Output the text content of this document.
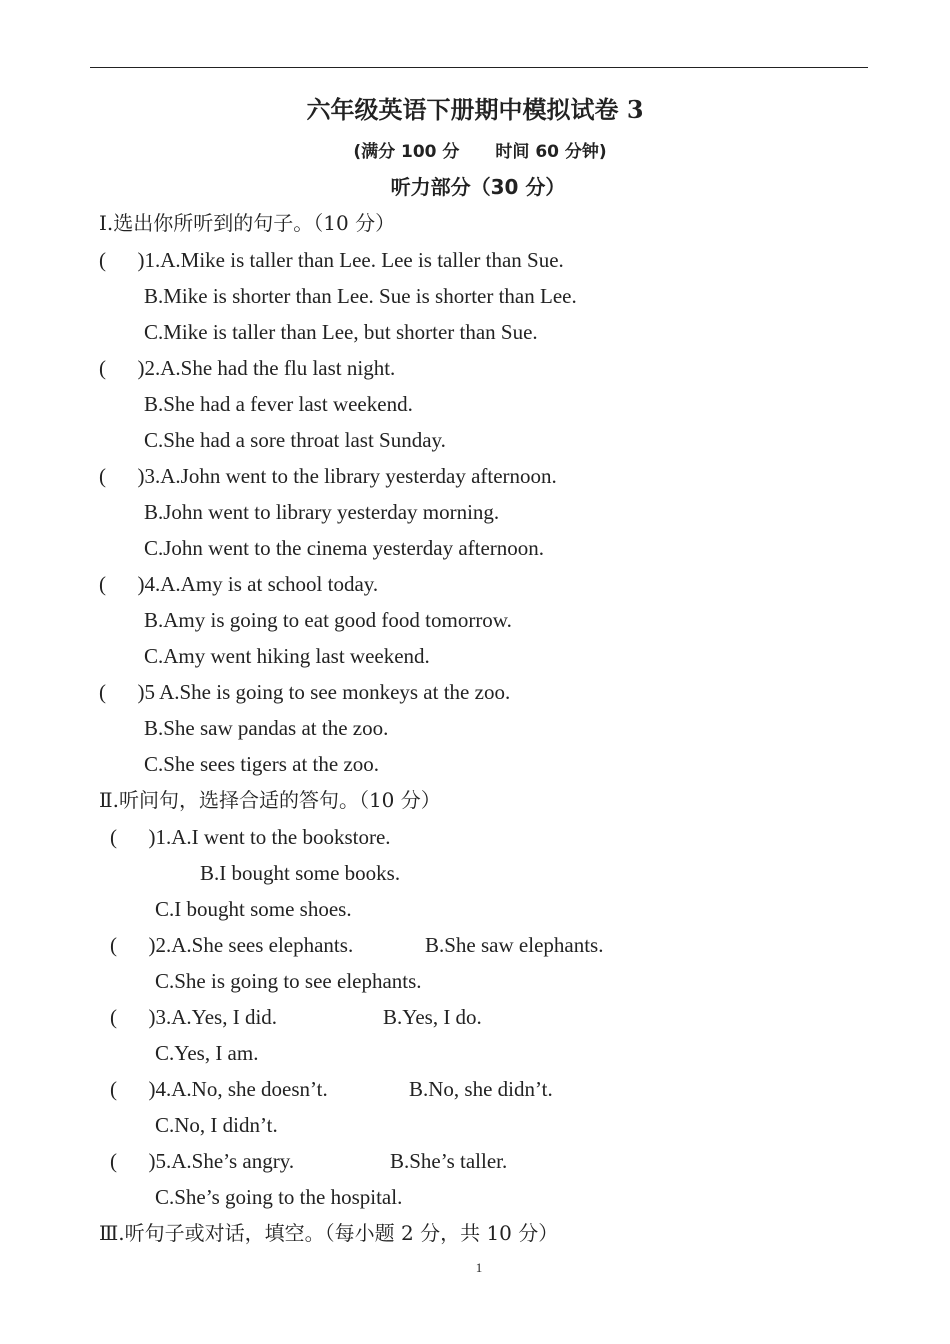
六年级英语下册期中模拟试卷 3
(满分 100 分 时间 60 分钟)
听力部分（30 分）
Ⅰ.选出你所听到的句子。（10 分）
(      )1.A.Mike is taller than Lee. Lee is taller than Sue.
B.Mike is shorter than Lee. Sue is shorter than Lee.
C.Mike is taller than Lee, but shorter than Sue.
(      )2.A.She had the flu last night.
B.She had a fever last weekend.
C.She had a sore throat last Sunday.
(      )3.A.John went to the library yesterday afternoon.
B.John went to library yesterday morning.
C.John went to the cinema yesterday afternoon.
(      )4.A.Amy is at school today.
B.Amy is going to eat good food tomorrow.
C.Amy went hiking last weekend.
(      )5 A.She is going to see monkeys at the zoo.
B.She saw pandas at the zoo.
C.She sees tigers at the zoo.
Ⅱ.听问句，选择合适的答句。（10 分）
(      )1.A.I went to the bookstore.
B.I bought some books.
C.I bought some shoes.
(      )2.A.She sees elephants.	B.She saw elephants.
C.She is going to see elephants.
(      )3.A.Yes, I did.	B.Yes, I do.
C.Yes, I am.
(      )4.A.No, she doesn’t.	B.No, she didn’t.
C.No, I didn’t.
(      )5.A.She’s angry.	B.She’s taller.
C.She’s going to the hospital.
Ⅲ.听句子或对话，填空。（每小题 2 分，共 10 分）
1
